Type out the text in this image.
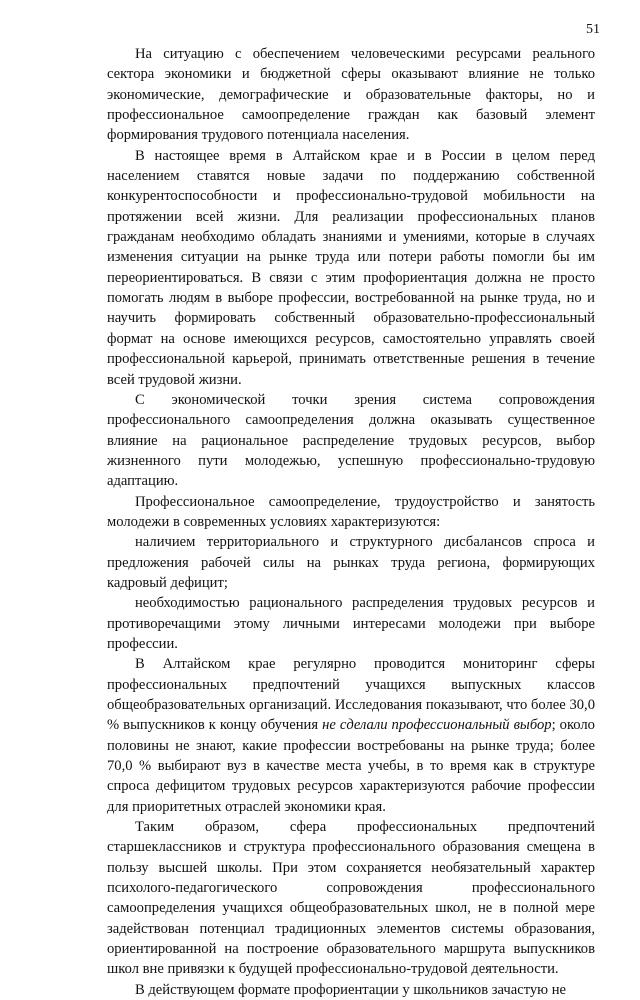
51

На ситуацию с обеспечением человеческими ресурсами реального сектора экономики и бюджетной сферы оказывают влияние не только экономические, демографические и образовательные факторы, но и профессиональное самоопределение граждан как базовый элемент формирования трудового потенциала населения.

В настоящее время в Алтайском крае и в России в целом перед населением ставятся новые задачи по поддержанию собственной конкурентоспособности и профессионально-трудовой мобильности на протяжении всей жизни. Для реализации профессиональных планов гражданам необходимо обладать знаниями и умениями, которые в случаях изменения ситуации на рынке труда или потери работы помогли бы им переориентироваться. В связи с этим профориентация должна не просто помогать людям в выборе профессии, востребованной на рынке труда, но и научить формировать собственный образовательно-профессиональный формат на основе имеющихся ресурсов, самостоятельно управлять своей профессиональной карьерой, принимать ответственные решения в течение всей трудовой жизни.

С экономической точки зрения система сопровождения профессионального самоопределения должна оказывать существенное влияние на рациональное распределение трудовых ресурсов, выбор жизненного пути молодежью, успешную профессионально-трудовую адаптацию.

Профессиональное самоопределение, трудоустройство и занятость молодежи в современных условиях характеризуются:

наличием территориального и структурного дисбалансов спроса и предложения рабочей силы на рынках труда региона, формирующих кадровый дефицит;

необходимостью рационального распределения трудовых ресурсов и противоречащими этому личными интересами молодежи при выборе профессии.

В Алтайском крае регулярно проводится мониторинг сферы профессиональных предпочтений учащихся выпускных классов общеобразовательных организаций. Исследования показывают, что более 30,0 % выпускников к концу обучения не сделали профессиональный выбор; около половины не знают, какие профессии востребованы на рынке труда; более 70,0 % выбирают вуз в качестве места учебы, в то время как в структуре спроса дефицитом трудовых ресурсов характеризуются рабочие профессии для приоритетных отраслей экономики края.

Таким образом, сфера профессиональных предпочтений старшеклассников и структура профессионального образования смещена в пользу высшей школы. При этом сохраняется необязательный характер психолого-педагогического сопровождения профессионального самоопределения учащихся общеобразовательных школ, не в полной мере задействован потенциал традиционных элементов системы образования, ориентированной на построение образовательного маршрута выпускников школ вне привязки к будущей профессионально-трудовой деятельности.

В действующем формате профориентации у школьников зачастую не
